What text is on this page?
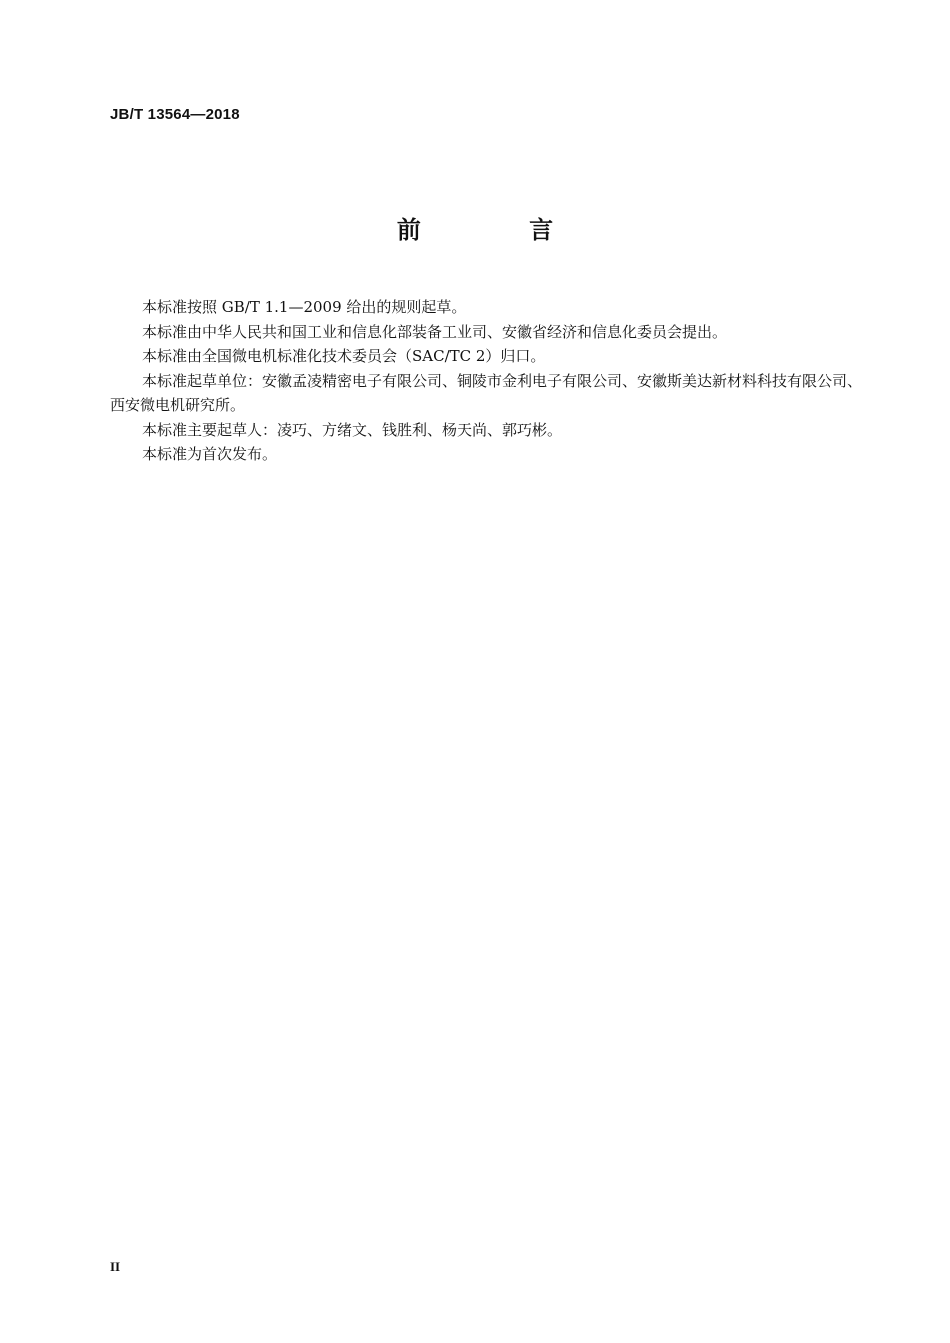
JB/T 13564—2018
前 言

本标准按照 GB/T 1.1—2009 给出的规则起草。

本标准由中华人民共和国工业和信息化部装备工业司、安徽省经济和信息化委员会提出。

本标准由全国微电机标准化技术委员会（SAC/TC 2）归口。

本标准起草单位：安徽孟凌精密电子有限公司、铜陵市金利电子有限公司、安徽斯美达新材料科技有限公司、西安微电机研究所。

本标准主要起草人：凌巧、方绪文、钱胜利、杨天尚、郭巧彬。

本标准为首次发布。

II
